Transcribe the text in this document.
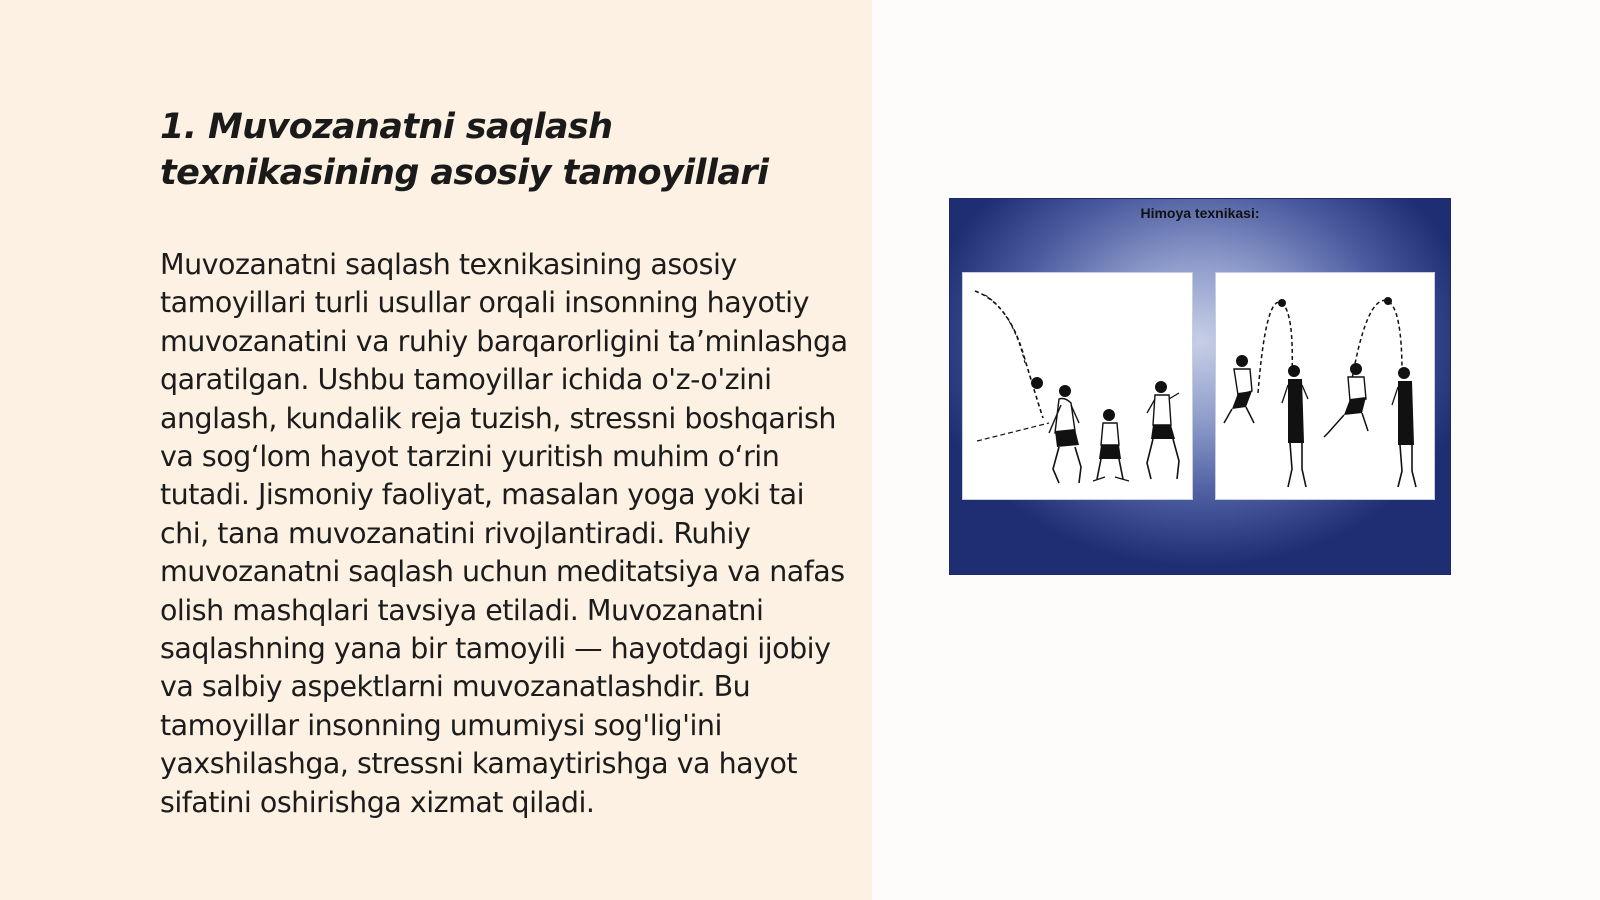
1. Muvozanatni saqlash texnikasining asosiy tamoyillari

Muvozanatni saqlash texnikasining asosiy tamoyillari turli usullar orqali insonning hayotiy muvozanatini va ruhiy barqarorligini ta’minlashga qaratilgan. Ushbu tamoyillar ichida o'z-o'zini anglash, kundalik reja tuzish, stressni boshqarish va sog‘lom hayot tarzini yuritish muhim o‘rin tutadi. Jismoniy faoliyat, masalan yoga yoki tai chi, tana muvozanatini rivojlantiradi. Ruhiy muvozanatni saqlash uchun meditatsiya va nafas olish mashqlari tavsiya etiladi. Muvozanatni saqlashning yana bir tamoyili — hayotdagi ijobiy va salbiy aspektlarni muvozanatlashdir. Bu tamoyillar insonning umumiysi sog'lig'ini yaxshilashga, stressni kamaytirishga va hayot sifatini oshirishga xizmat qiladi.

Himoya texnikasi:
